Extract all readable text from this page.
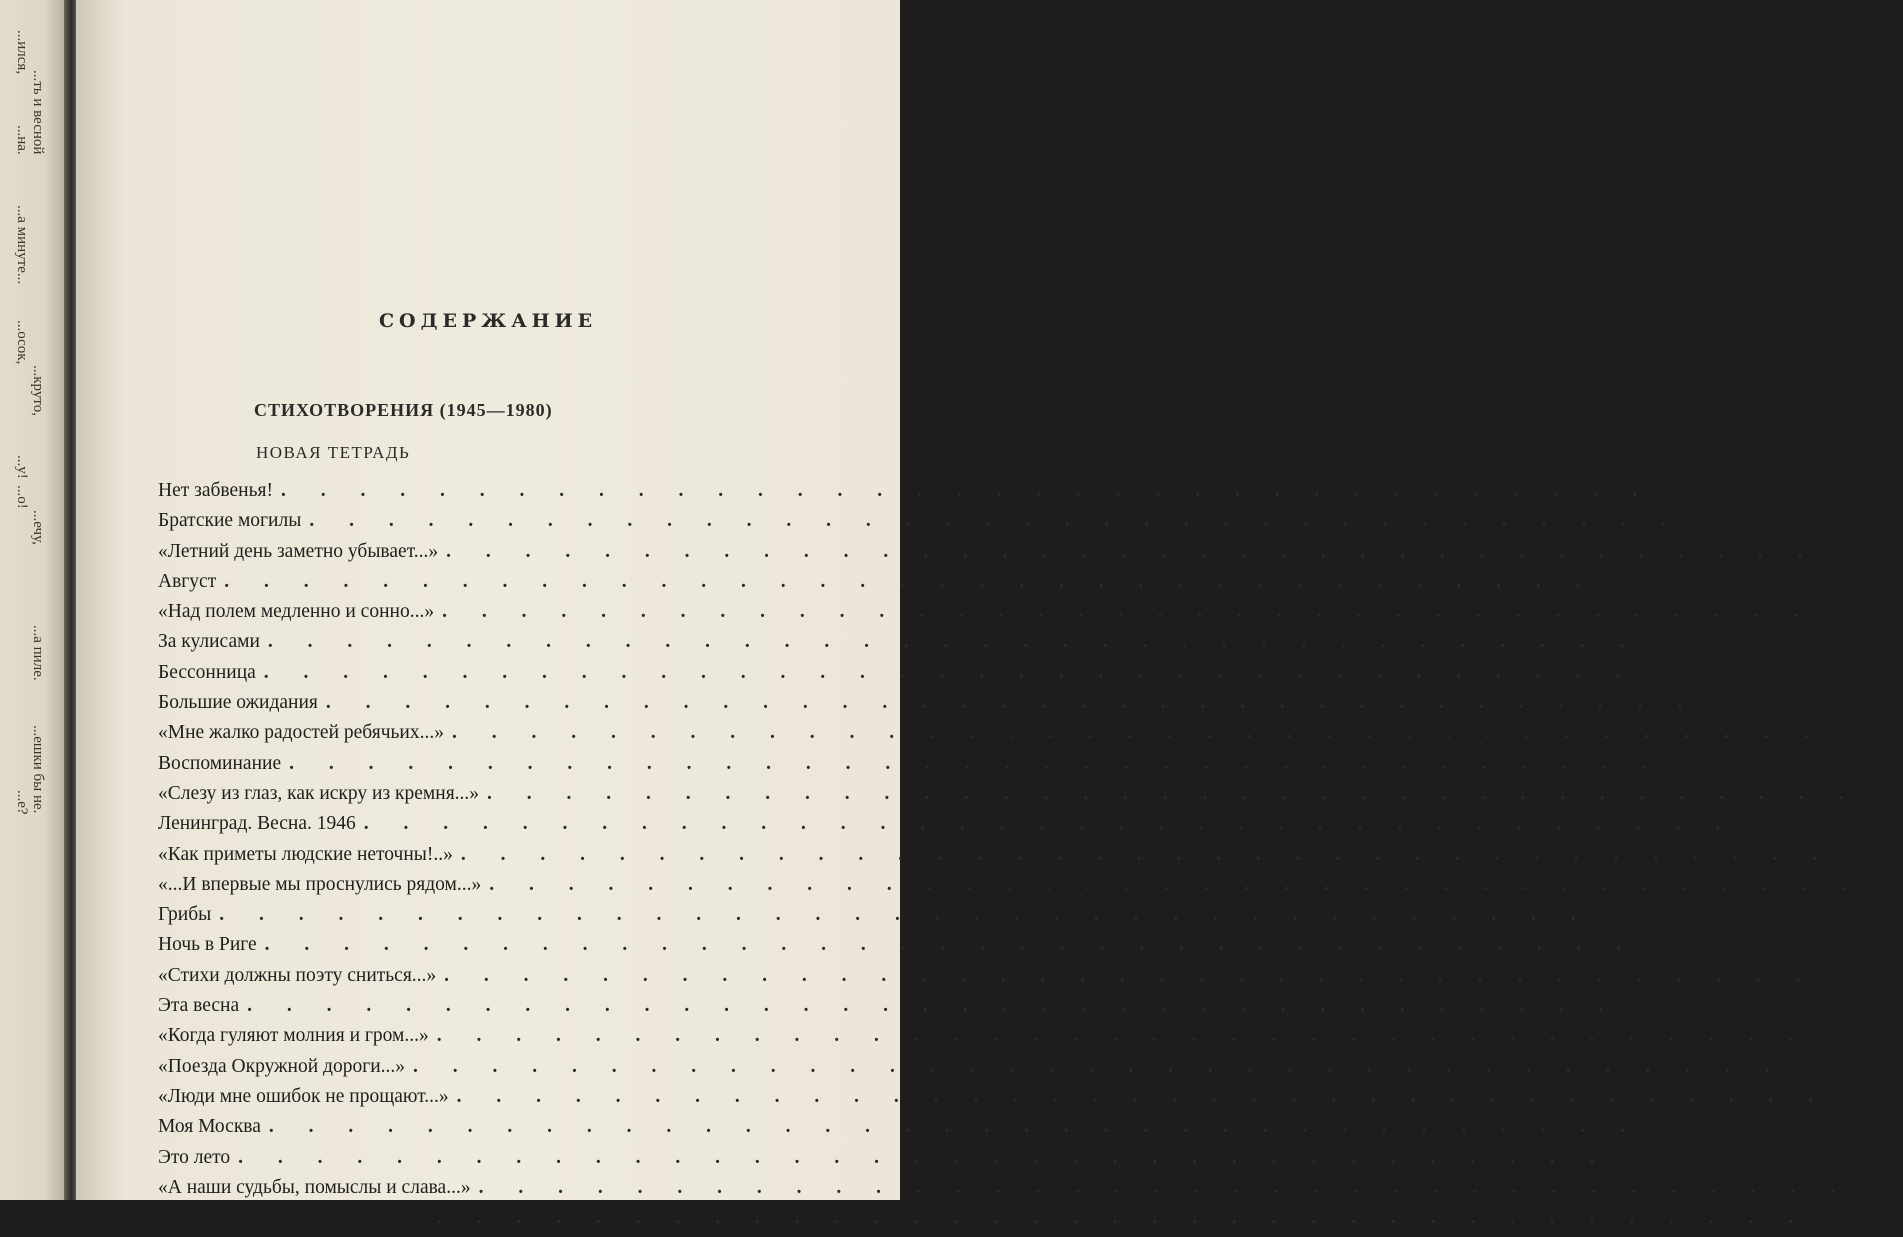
...ился,
...ть и весной
...на.
...а минуте...
...осок,
...круто,
...у!
...о!
...ечу,
...а пиле.
...ешки бы не.
...е?
СОДЕРЖАНИЕ
СТИХОТВОРЕНИЯ (1945—1980)
НОВАЯ ТЕТРАДЬ
Нет забвенья! . . .	7
Братские могилы . . .	9
«Летний день заметно убывает...» . . .	10
Август . . .	11
«Над полем медленно и сонно...» . . .	13
За кулисами . . .	14
Бессонница . . .	15
Большие ожидания . . .	17
«Мне жалко радостей ребячьих...» . . .	19
Воспоминание . . .	20
«Слезу из глаз, как искру из кремня...» . . .	22
Ленинград. Весна. 1946 . . .	23
«Как приметы людские неточны!..» . . .	24
«...И впервые мы проснулись рядом...» . . .	25
Грибы . . .	26
Ночь в Риге . . .	28
«Стихи должны поэту сниться...» . . .	30
Эта весна . . .	31
«Когда гуляют молния и гром...» . . .	32
«Поезда Окружной дороги...» . . .	33
«Люди мне ошибок не прощают...» . . .	34
Моя Москва . . .	35
Это лето . . .	36
«А наши судьбы, помыслы и слава...» . . .	38
«Стрелковый полк, едва из боя... . . .	39
